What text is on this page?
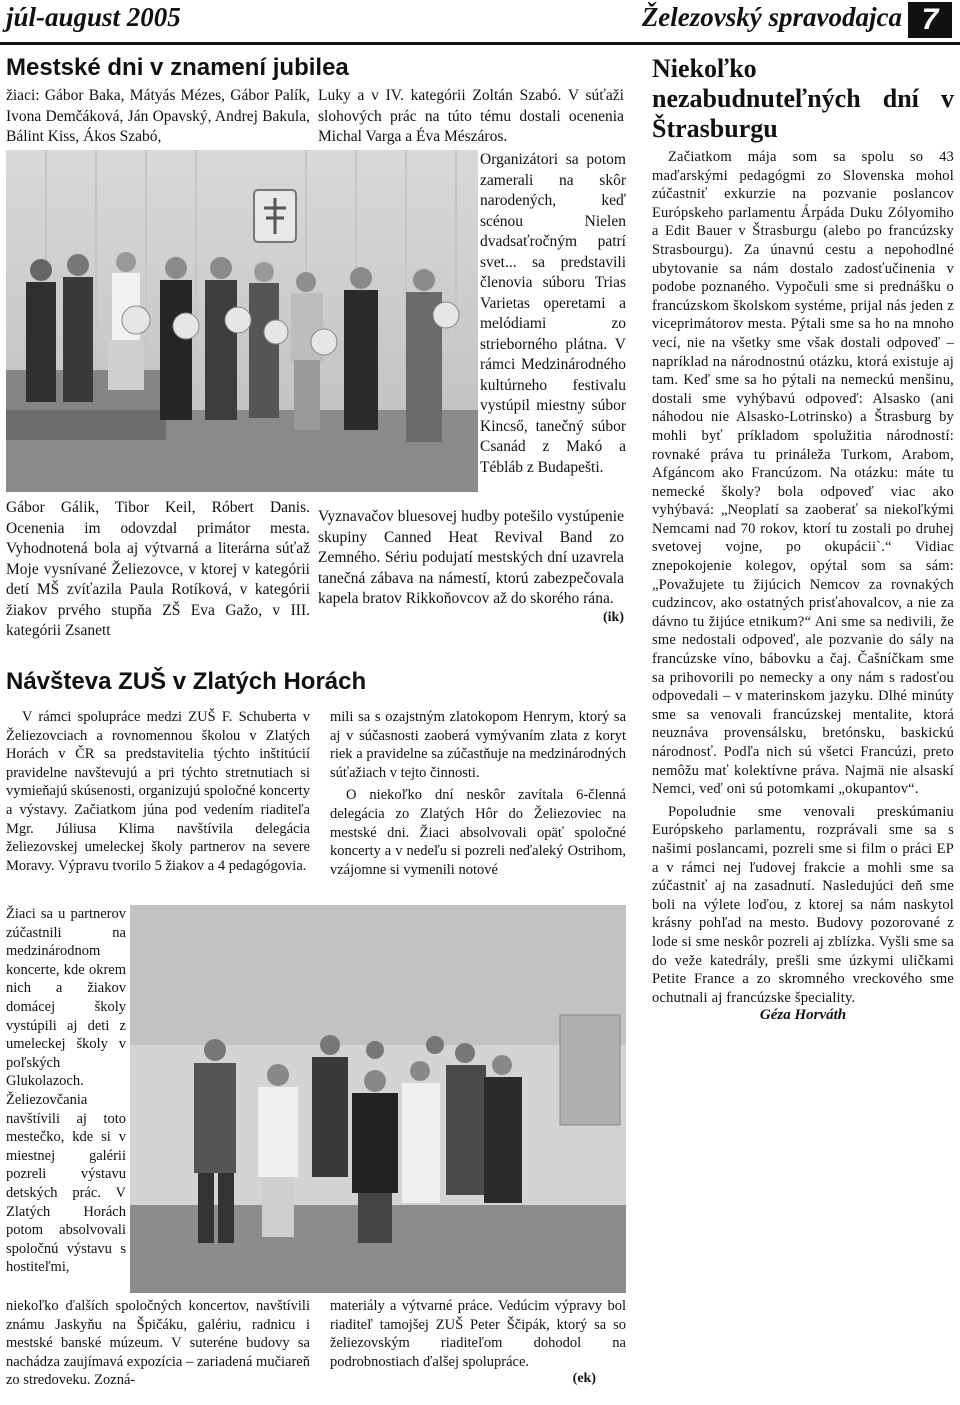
júl-august 2005	Železovský spravodajca 7
Mestské dni v znamení jubilea

žiaci: Gábor Baka, Mátyás Mézes, Gábor Palík, Ivona Demčáková, Ján Opavský, Andrej Bakula, Bálint Kiss, Ákos Szabó,

Luky a v IV. kategórii Zoltán Szabó. V súťaži slohových prác na túto tému dostali ocenenia Michal Varga a Éva Mészáros.

Organizátori sa potom zamerali na skôr narodených, keď scénou Nielen dvadsaťročným patrí svet... sa predstavili členovia súboru Trias Varietas operetami a melódiami zo strieborného plátna. V rámci Medzinárodného kultúrneho festivalu vystúpil miestny súbor Kincső, tanečný súbor Csanád z Makó a Tébláb z Budapešti.

Gábor Gálik, Tibor Keil, Róbert Danis. Ocenenia im odovzdal primátor mesta. Vyhodnotená bola aj výtvarná a literárna súťaž Moje vysnívané Želiezovce, v ktorej v kategórii detí MŠ zvíťazila Paula Rotíková, v kategórii žiakov prvého stupňa ZŠ Eva Gažo, v III. kategórii Zsanett

Vyznavačov bluesovej hudby potešilo vystúpenie skupiny Canned Heat Revival Band zo Zemného. Sériu podujatí mestských dní uzavrela tanečná zábava na námestí, ktorú zabezpečovala kapela bratov Rikkoňovcov až do skorého rána.

(ik)
Návšteva ZUŠ v Zlatých Horách

V rámci spolupráce medzi ZUŠ F. Schuberta v Želiezovciach a rovnomennou školou v Zlatých Horách v ČR sa predstavitelia týchto inštitúcií pravidelne navštevujú a pri týchto stretnutiach si vymieňajú skúsenosti, organizujú spoločné koncerty a výstavy. Začiatkom júna pod vedením riaditeľa Mgr. Júliusa Klima navštívila delegácia želiezovskej umeleckej školy partnerov na severe Moravy. Výpravu tvorilo 5 žiakov a 4 pedagógovia.

Žiaci sa u partnerov zúčastnili na medzinárodnom koncerte, kde okrem nich a žiakov domácej školy vystúpili aj deti z umeleckej školy v poľských Glukolazoch. Želiezovčania navštívili aj toto mestečko, kde si v miestnej galérii pozreli výstavu detských prác. V Zlatých Horách potom absolvovali spoločnú výstavu s hostiteľmi,

niekoľko ďalších spoločných koncertov, navštívili známu Jaskyňu na Špičáku, galériu, radnicu i mestské banské múzeum. V suteréne budovy sa nachádza zaujímavá expozícia – zariadená mučiareň zo stredoveku. Zozná-

mili sa s ozajstným zlatokopom Henrym, ktorý sa aj v súčasnosti zaoberá vymývaním zlata z koryt riek a pravidelne sa zúčastňuje na medzinárodných súťažiach v tejto činnosti.

O niekoľko dní neskôr zavítala 6-členná delegácia zo Zlatých Hôr do Želiezoviec na mestské dni. Žiaci absolvovali opäť spoločné koncerty a v nedeľu si pozreli neďaleký Ostrihom, vzájomne si vymenili notové

materiály a výtvarné práce. Vedúcim výpravy bol riaditeľ tamojšej ZUŠ Peter Ščipák, ktorý sa so želiezovským riaditeľom dohodol na podrobnostiach ďalšej spolupráce.

(ek)
Niekoľko nezabudnuteľných dní v Štrasburgu

Začiatkom mája som sa spolu so 43 maďarskými pedagógmi zo Slovenska mohol zúčastniť exkurzie na pozvanie poslancov Európskeho parlamentu Árpáda Duku Zólyomiho a Edit Bauer v Štrasburgu (alebo po francúzsky Strasbourgu). Za únavnú cestu a nepohodlné ubytovanie sa nám dostalo zadosťučinenia v podobe poznaného. Vypočuli sme si prednášku o francúzskom školskom systéme, prijal nás jeden z viceprimátorov mesta. Pýtali sme sa ho na mnoho vecí, nie na všetky sme však dostali odpoveď – napríklad na národnostnú otázku, ktorá existuje aj tam. Keď sme sa ho pýtali na nemeckú menšinu, dostali sme vyhýbavú odpoveď: Alsasko (ani náhodou nie Alsasko-Lotrinsko) a Štrasburg by mohli byť príkladom spolužitia národností: rovnaké práva tu prináleža Turkom, Arabom, Afgáncom ako Francúzom. Na otázku: máte tu nemecké školy? bola odpoveď viac ako vyhýbavá: „Neoplatí sa zaoberať sa niekoľkými Nemcami nad 70 rokov, ktorí tu zostali po druhej svetovej vojne, po okupácii`.“ Vidiac znepokojenie kolegov, opýtal som sa sám: „Považujete tu žijúcich Nemcov za rovnakých cudzincov, ako ostatných prisťahovalcov, a nie za dávno tu žijúce etnikum?“ Ani sme sa nedivili, že sme nedostali odpoveď, ale pozvanie do sály na francúzske víno, bábovku a čaj. Čašníčkam sme sa prihovorili po nemecky a ony nám s radosťou odpovedali – v materinskom jazyku. Dlhé minúty sme sa venovali francúzskej mentalite, ktorá neuznáva provensálsku, bretónsku, baskickú národnosť. Podľa nich sú všetci Francúzi, preto nemôžu mať kolektívne práva. Najmä nie alsaskí Nemci, veď oni sú potomkami „okupantov“.

Popoludnie sme venovali preskúmaniu Európskeho parlamentu, rozprávali sme sa s našimi poslancami, pozreli sme si film o práci EP a v rámci nej ľudovej frakcie a mohli sme sa zúčastniť aj na zasadnutí. Nasledujúci deň sme boli na výlete loďou, z ktorej sa nám naskytol krásny pohľad na mesto. Budovy pozorované z lode si sme neskôr pozreli aj zblízka. Vyšli sme sa do veže katedrály, prešli sme úzkymi uličkami Petite France a zo skromného vreckového sme ochutnali aj francúzske špeciality.

Géza Horváth
